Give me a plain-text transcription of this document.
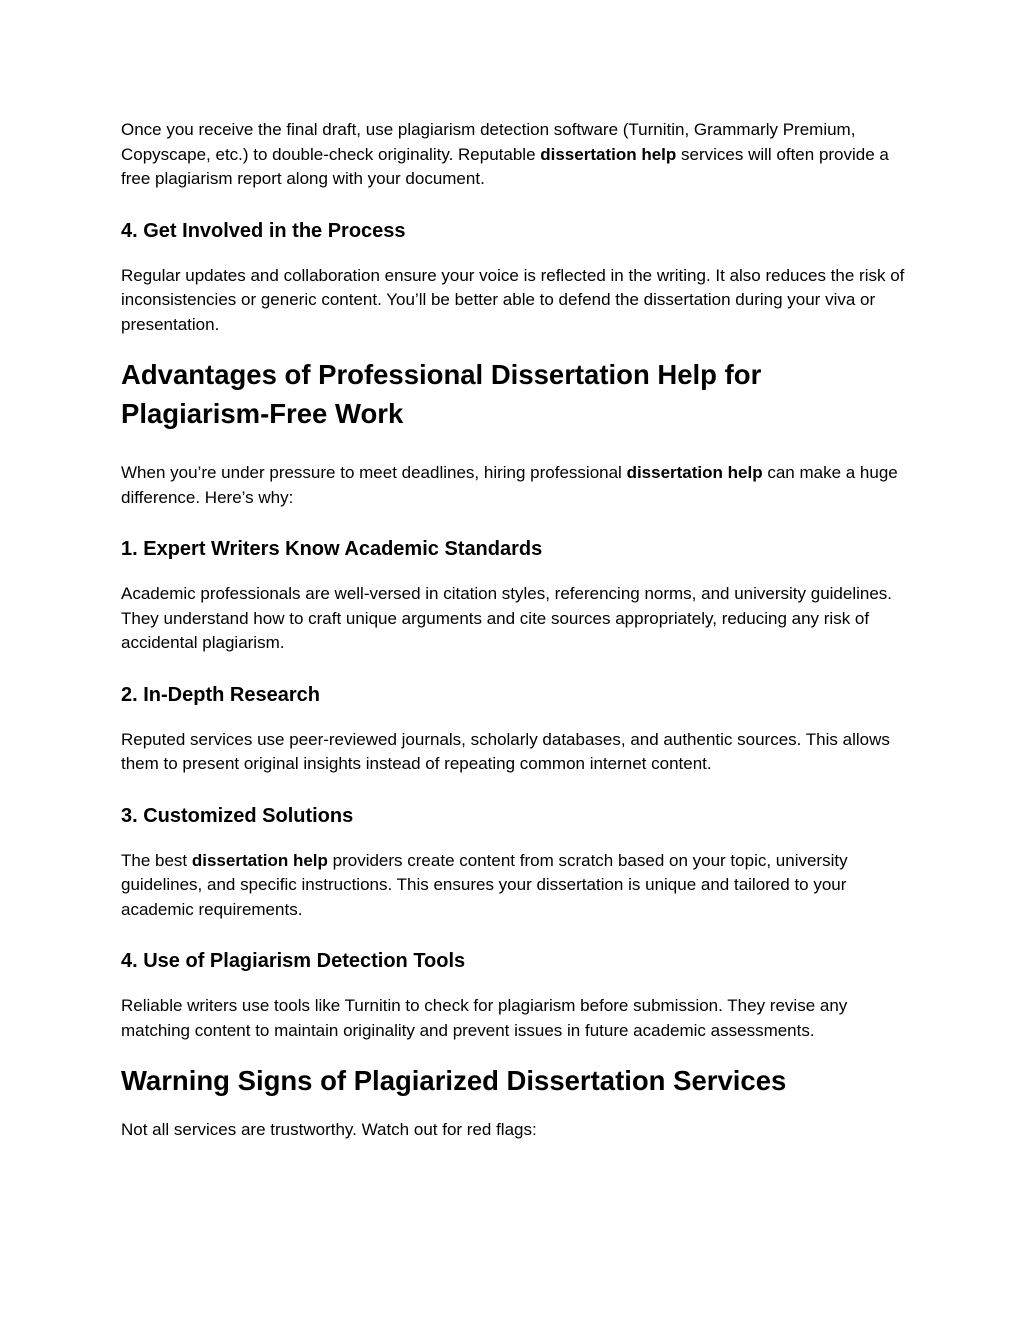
Once you receive the final draft, use plagiarism detection software (Turnitin, Grammarly Premium, Copyscape, etc.) to double-check originality. Reputable dissertation help services will often provide a free plagiarism report along with your document.

4. Get Involved in the Process

Regular updates and collaboration ensure your voice is reflected in the writing. It also reduces the risk of inconsistencies or generic content. You’ll be better able to defend the dissertation during your viva or presentation.

Advantages of Professional Dissertation Help for Plagiarism-Free Work

When you’re under pressure to meet deadlines, hiring professional dissertation help can make a huge difference. Here’s why:

1. Expert Writers Know Academic Standards

Academic professionals are well-versed in citation styles, referencing norms, and university guidelines. They understand how to craft unique arguments and cite sources appropriately, reducing any risk of accidental plagiarism.

2. In-Depth Research

Reputed services use peer-reviewed journals, scholarly databases, and authentic sources. This allows them to present original insights instead of repeating common internet content.

3. Customized Solutions

The best dissertation help providers create content from scratch based on your topic, university guidelines, and specific instructions. This ensures your dissertation is unique and tailored to your academic requirements.

4. Use of Plagiarism Detection Tools

Reliable writers use tools like Turnitin to check for plagiarism before submission. They revise any matching content to maintain originality and prevent issues in future academic assessments.

Warning Signs of Plagiarized Dissertation Services

Not all services are trustworthy. Watch out for red flags:
